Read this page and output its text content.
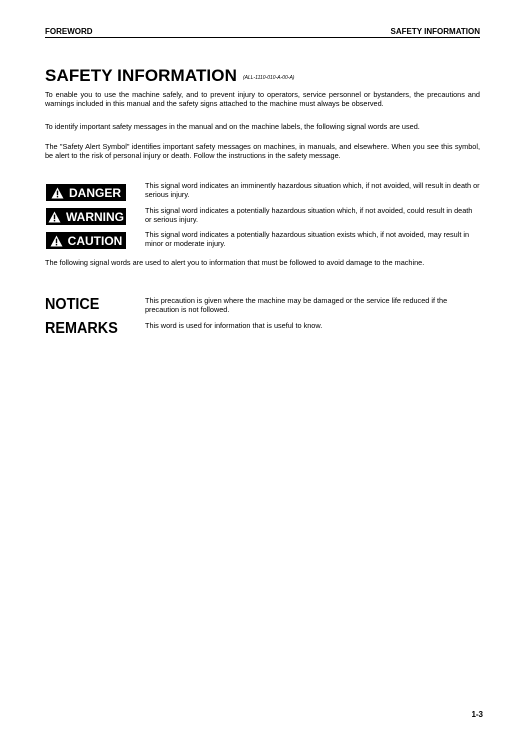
FOREWORD	SAFETY INFORMATION
SAFETY INFORMATION (ALL-1110-010-A-00-A)
To enable you to use the machine safely, and to prevent injury to operators, service personnel or bystanders, the precautions and warnings included in this manual and the safety signs attached to the machine must always be observed.
To identify important safety messages in the manual and on the machine labels, the following signal words are used.
The "Safety Alert Symbol" identifies important safety messages on machines, in manuals, and elsewhere. When you see this symbol, be alert to the risk of personal injury or death. Follow the instructions in the safety message.
DANGER	This signal word indicates an imminently hazardous situation which, if not avoided, will result in death or serious injury.
WARNING	This signal word indicates a potentially hazardous situation which, if not avoided, could result in death or serious injury.
CAUTION	This signal word indicates a potentially hazardous situation exists which, if not avoided, may result in minor or moderate injury.
The following signal words are used to alert you to information that must be followed to avoid damage to the machine.
NOTICE	This precaution is given where the machine may be damaged or the service life reduced if the precaution is not followed.
REMARKS	This word is used for information that is useful to know.
1-3
